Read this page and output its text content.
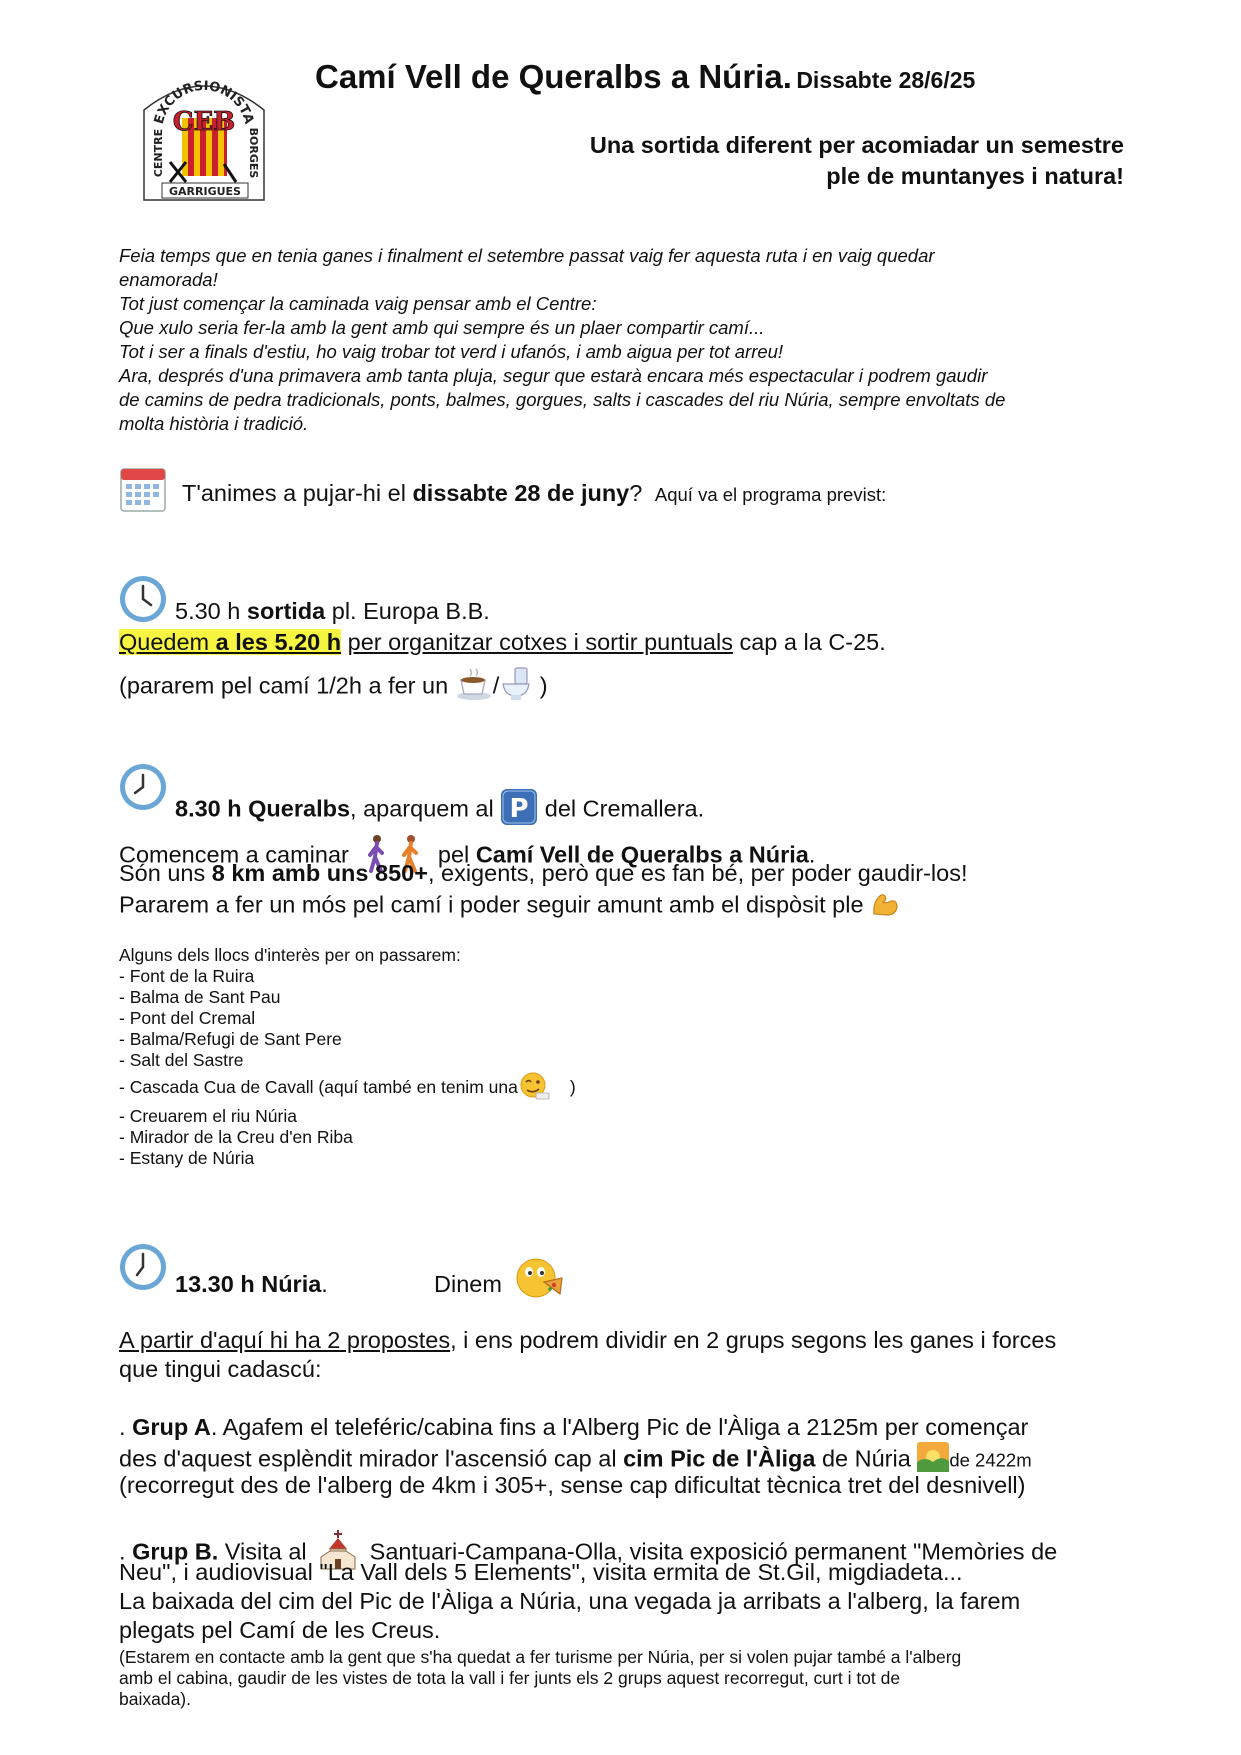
EXCURSIONISTA
CENTRE	BORGES
CEB
GARRIGUES
Camí Vell de Queralbs a Núria. Dissabte 28/6/25
Una sortida diferent per acomiadar un semestre
ple de muntanyes i natura!
Feia temps que en tenia ganes i finalment el setembre passat vaig fer aquesta ruta i en vaig quedar
enamorada!
Tot just començar la caminada vaig pensar amb el Centre:
Que xulo seria fer-la amb la gent amb qui sempre és un plaer compartir camí...
Tot i ser a finals d'estiu, ho vaig trobar tot verd i ufanós, i amb aigua per tot arreu!
Ara, després d'una primavera amb tanta pluja, segur que estarà encara més espectacular i podrem gaudir
de camins de pedra tradicionals, ponts, balmes, gorgues, salts i cascades del riu Núria, sempre envoltats de
molta història i tradició.
T'animes a pujar-hi el dissabte 28 de juny? Aquí va el programa previst:
5.30 h sortida pl. Europa B.B.
Quedem a les 5.20 h per organitzar cotxes i sortir puntuals cap a la C-25.
(pararem pel camí 1/2h a fer un / )
8.30 h Queralbs, aparquem al P del Cremallera.
Comencem a caminar	pel Camí Vell de Queralbs a Núria.
Són uns 8 km amb uns 850+, exigents, però que es fan bé, per poder gaudir-los!
Pararem a fer un mós pel camí i poder seguir amunt amb el dispòsit ple
Alguns dels llocs d'interès per on passarem:
- Font de la Ruira
- Balma de Sant Pau
- Pont del Cremal
- Balma/Refugi de Sant Pere
- Salt del Sastre
- Cascada Cua de Cavall (aquí també en tenim una	)
- Creuarem el riu Núria
- Mirador de la Creu d'en Riba
- Estany de Núria
13.30 h Núria.	Dinem
A partir d'aquí hi ha 2 propostes, i ens podrem dividir en 2 grups segons les ganes i forces
que tingui cadascú:
. Grup A. Agafem el teleféric/cabina fins a l'Alberg Pic de l'Àliga a 2125m per començar
des d'aquest esplèndit mirador l'ascensió cap al cim Pic de l'Àliga de Núria de 2422m
(recorregut des de l'alberg de 4km i 305+, sense cap dificultat tècnica tret del desnivell)
. Grup B. Visita al  Santuari-Campana-Olla, visita exposició permanent "Memòries de
Neu", i audiovisual "La Vall dels 5 Elements", visita ermita de St.Gil, migdiadeta...
La baixada del cim del Pic de l'Àliga a Núria, una vegada ja arribats a l'alberg, la farem
plegats pel Camí de les Creus.
(Estarem en contacte amb la gent que s'ha quedat a fer turisme per Núria, per si volen pujar també a l'alberg
amb el cabina, gaudir de les vistes de tota la vall i fer junts els 2 grups aquest recorregut, curt i tot de
baixada).
